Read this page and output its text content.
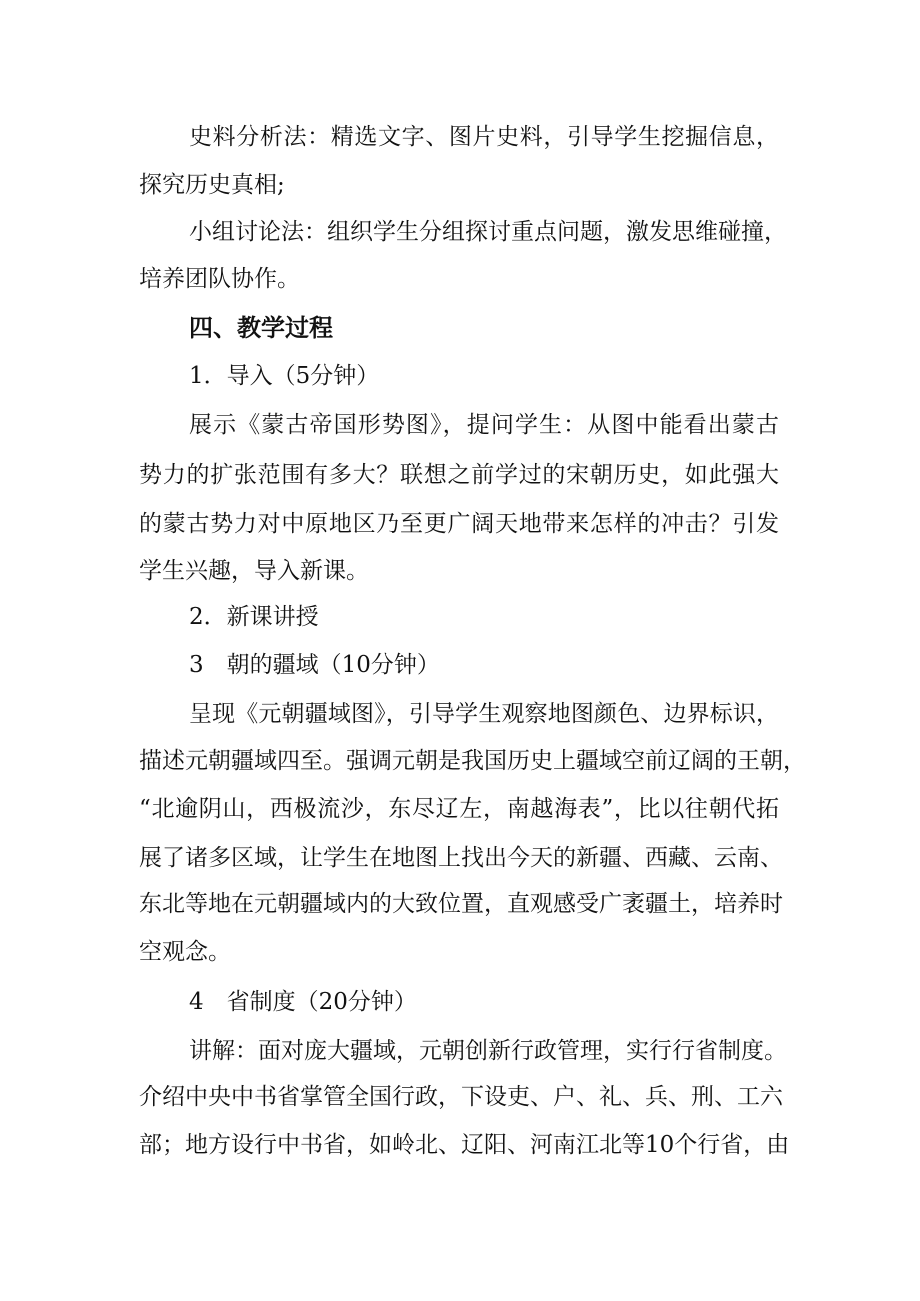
史料分析法：精选文字、图片史料，引导学生挖掘信息，
探究历史真相;
小组讨论法：组织学生分组探讨重点问题，激发思维碰撞，
培养团队协作。
四、教学过程
1．导入（5分钟）
展示《蒙古帝国形势图》，提问学生：从图中能看出蒙古
势力的扩张范围有多大？联想之前学过的宋朝历史，如此强大
的蒙古势力对中原地区乃至更广阔天地带来怎样的冲击？引发
学生兴趣，导入新课。
2．新课讲授
3　朝的疆域（10分钟）
呈现《元朝疆域图》，引导学生观察地图颜色、边界标识，
描述元朝疆域四至。强调元朝是我国历史上疆域空前辽阔的王朝，
“北逾阴山，西极流沙，东尽辽左，南越海表”，比以往朝代拓
展了诸多区域，让学生在地图上找出今天的新疆、西藏、云南、
东北等地在元朝疆域内的大致位置，直观感受广袤疆土，培养时
空观念。
4　省制度（20分钟）
讲解：面对庞大疆域，元朝创新行政管理，实行行省制度。
介绍中央中书省掌管全国行政，下设吏、户、礼、兵、刑、工六
部；地方设行中书省，如岭北、辽阳、河南江北等10个行省，由
